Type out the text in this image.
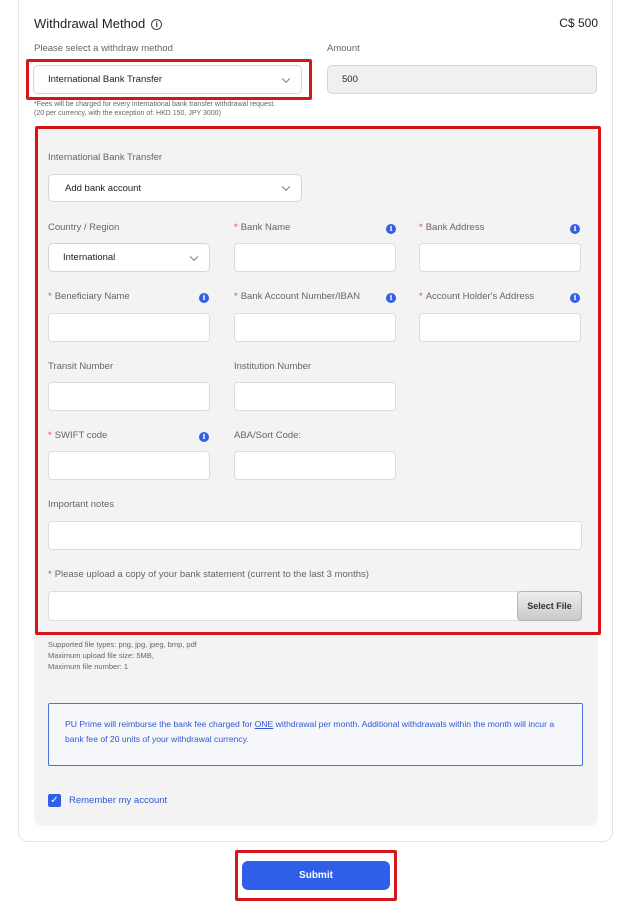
Withdrawal Method i	C$ 500
Please select a withdraw method	Amount
International Bank Transfer	500
*Fees will be charged for every international bank transfer withdrawal request.
(20 per currency, with the exception of: HKD 150, JPY 3000)
International Bank Transfer
Add bank account
Country / Region	* Bank Name	i	* Bank Address	i
International
* Beneficiary Name	i	* Bank Account Number/IBAN	i	* Account Holder's Address	i
Transit Number	Institution Number
* SWIFT code	i	ABA/Sort Code:
Important notes
* Please upload a copy of your bank statement (current to the last 3 months)
Select File
Supported file types: png, jpg, jpeg, bmp, pdf
Maximum upload file size: 5MB,
Maximum file number: 1
PU Prime will reimburse the bank fee charged for ONE withdrawal per month. Additional withdrawals within the month will incur a bank fee of 20 units of your withdrawal currency.
✓ Remember my account
Submit
